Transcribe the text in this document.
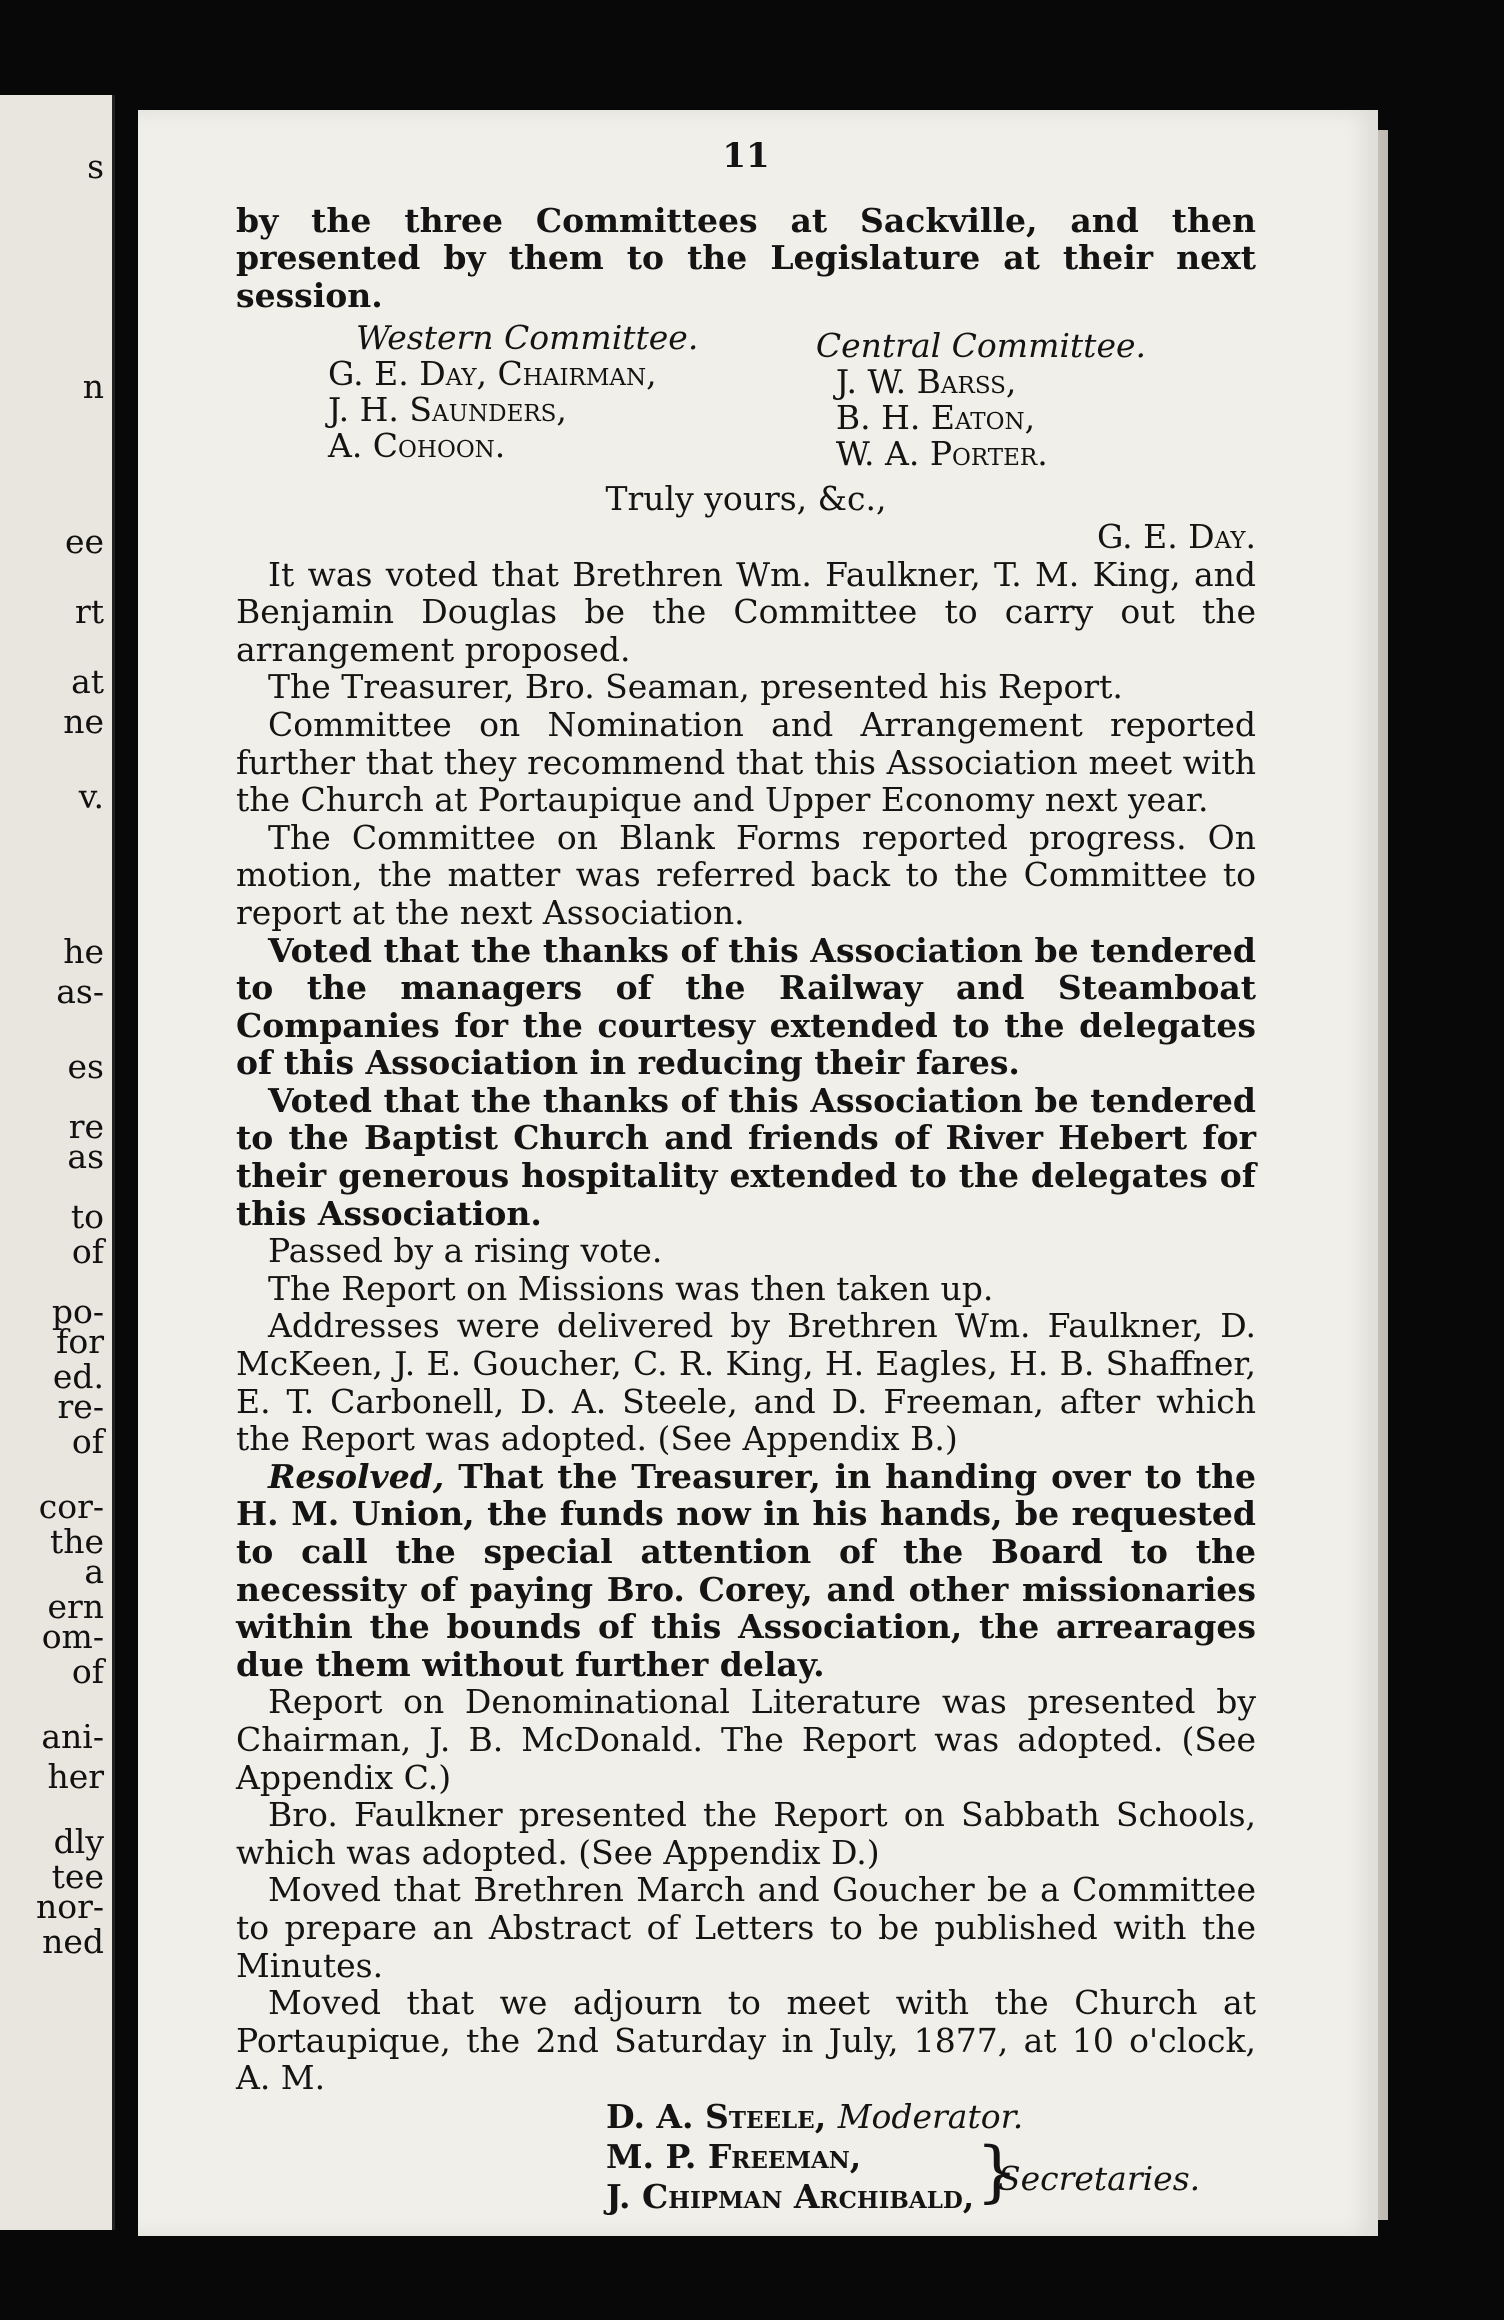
s
n
ee
rt
at
ne
v.
he
as-
es
re
as
to
of
po-
for
ed.
re-
of
cor-
the
a
ern
om-
of
ani-
her
dly
tee
nor-
ned
11

by the three Committees at Sackville, and then presented by them to the Legislature at their next session.

Western Committee.
G. E. Day, Chairman,
J. H. Saunders,
A. Cohoon.
Central Committee.
J. W. Barss,
B. H. Eaton,
W. A. Porter.
Truly yours, &c.,
G. E. Day.

It was voted that Brethren Wm. Faulkner, T. M. King, and Benjamin Douglas be the Committee to carry out the arrangement proposed.

The Treasurer, Bro. Seaman, presented his Report.

Committee on Nomination and Arrangement reported further that they recommend that this Association meet with the Church at Portaupique and Upper Economy next year.

The Committee on Blank Forms reported progress. On motion, the matter was referred back to the Committee to report at the next Association.

Voted that the thanks of this Association be tendered to the managers of the Railway and Steamboat Companies for the courtesy extended to the delegates of this Association in reducing their fares.

Voted that the thanks of this Association be tendered to the Baptist Church and friends of River Hebert for their generous hospitality extended to the delegates of this Association.

Passed by a rising vote.

The Report on Missions was then taken up.

Addresses were delivered by Brethren Wm. Faulkner, D. McKeen, J. E. Goucher, C. R. King, H. Eagles, H. B. Shaffner, E. T. Carbonell, D. A. Steele, and D. Freeman, after which the Report was adopted. (See Appendix B.)

Resolved, That the Treasurer, in handing over to the H. M. Union, the funds now in his hands, be requested to call the special attention of the Board to the necessity of paying Bro. Corey, and other missionaries within the bounds of this Association, the arrearages due them without further delay.

Report on Denominational Literature was presented by Chairman, J. B. McDonald. The Report was adopted. (See Appendix C.)

Bro. Faulkner presented the Report on Sabbath Schools, which was adopted. (See Appendix D.)

Moved that Brethren March and Goucher be a Committee to prepare an Abstract of Letters to be published with the Minutes.

Moved that we adjourn to meet with the Church at Portaupique, the 2nd Saturday in July, 1877, at 10 o'clock, A. M.

D. A. Steele, Moderator.
M. P. Freeman,
J. Chipman Archibald, }
Secretaries.
